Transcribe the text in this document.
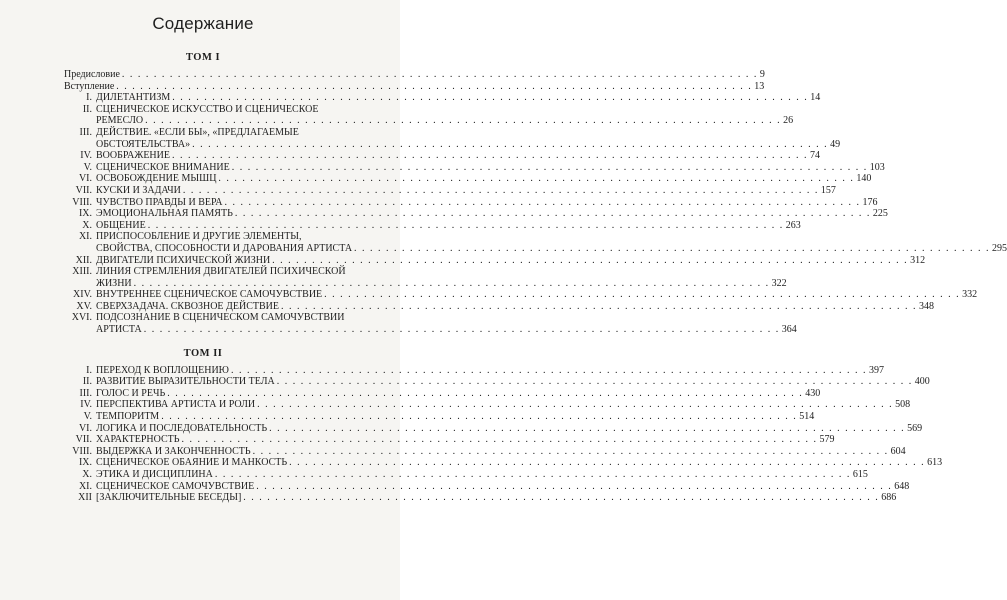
Содержание
ТОМ I
Предисловие . . .	9
Вступление . . .	13
I. ДИЛЕТАНТИЗМ . . .	14
II. СЦЕНИЧЕСКОЕ ИСКУССТВО И СЦЕНИЧЕСКОЕ
РЕМЕСЛО . . .	26
III. ДЕЙСТВИЕ. «ЕСЛИ БЫ», «ПРЕДЛАГАЕМЫЕ
ОБСТОЯТЕЛЬСТВА» . . .	49
IV. ВООБРАЖЕНИЕ . . .	74
V. СЦЕНИЧЕСКОЕ ВНИМАНИЕ . . .	103
VI. ОСВОБОЖДЕНИЕ МЫШЦ . . .	140
VII. КУСКИ И ЗАДАЧИ . . .	157
VIII. ЧУВСТВО ПРАВДЫ И ВЕРА . . .	176
IX. ЭМОЦИОНАЛЬНАЯ ПАМЯТЬ . . .	225
X. ОБЩЕНИЕ . . .	263
XI. ПРИСПОСОБЛЕНИЕ И ДРУГИЕ ЭЛЕМЕНТЫ,
СВОЙСТВА, СПОСОБНОСТИ И ДАРОВАНИЯ АРТИСТА . . .	295
XII. ДВИГАТЕЛИ ПСИХИЧЕСКОЙ ЖИЗНИ . . .	312
XIII. ЛИНИЯ СТРЕМЛЕНИЯ ДВИГАТЕЛЕЙ ПСИХИЧЕСКОЙ
ЖИЗНИ . . .	322
XIV. ВНУТРЕННЕЕ СЦЕНИЧЕСКОЕ САМОЧУВСТВИЕ . . .	332
XV. СВЕРХЗАДАЧА. СКВОЗНОЕ ДЕЙСТВИЕ . . .	348
XVI. ПОДСОЗНАНИЕ В СЦЕНИЧЕСКОМ САМОЧУВСТВИИ
АРТИСТА . . .	364
ТОМ II
I. ПЕРЕХОД К ВОПЛОЩЕНИЮ . . .	397
II. РАЗВИТИЕ ВЫРАЗИТЕЛЬНОСТИ ТЕЛА . . .	400
III. ГОЛОС И РЕЧЬ . . .	430
IV. ПЕРСПЕКТИВА АРТИСТА И РОЛИ . . .	508
V. ТЕМПОРИТМ . . .	514
VI. ЛОГИКА И ПОСЛЕДОВАТЕЛЬНОСТЬ . . .	569
VII. ХАРАКТЕРНОСТЬ . . .	579
VIII. ВЫДЕРЖКА И ЗАКОНЧЕННОСТЬ . . .	604
IX. СЦЕНИЧЕСКОЕ ОБАЯНИЕ И МАНКОСТЬ . . .	613
X. ЭТИКА И ДИСЦИПЛИНА . . .	615
XI. СЦЕНИЧЕСКОЕ САМОЧУВСТВИЕ . . .	648
XII [ЗАКЛЮЧИТЕЛЬНЫЕ БЕСЕДЫ] . . .	686
